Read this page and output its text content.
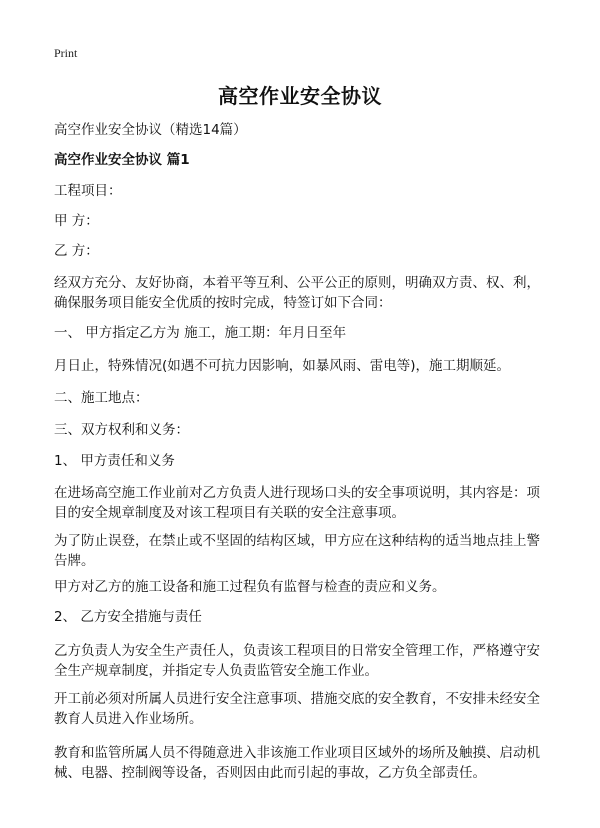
Print
高空作业安全协议
高空作业安全协议（精选14篇）
高空作业安全协议 篇1
工程项目：
甲 方：
乙 方：
经双方充分、友好协商，本着平等互利、公平公正的原则，明确双方责、权、利，
确保服务项目能安全优质的按时完成，特签订如下合同：
一、 甲方指定乙方为 施工，施工期：年月日至年
月日止，特殊情况(如遇不可抗力因影响，如暴风雨、雷电等)，施工期顺延。
二、施工地点：
三、双方权利和义务：
1、 甲方责任和义务
在进场高空施工作业前对乙方负责人进行现场口头的安全事项说明，其内容是：项
目的安全规章制度及对该工程项目有关联的安全注意事项。
为了防止误登，在禁止或不坚固的结构区域，甲方应在这种结构的适当地点挂上警
告牌。
甲方对乙方的施工设备和施工过程负有监督与检查的责应和义务。
2、 乙方安全措施与责任
乙方负责人为安全生产责任人，负责该工程项目的日常安全管理工作，严格遵守安
全生产规章制度，并指定专人负责监管安全施工作业。
开工前必须对所属人员进行安全注意事项、措施交底的安全教育，不安排未经安全
教育人员进入作业场所。
教育和监管所属人员不得随意进入非该施工作业项目区域外的场所及触摸、启动机
械、电器、控制阀等设备，否则因由此而引起的事故，乙方负全部责任。
